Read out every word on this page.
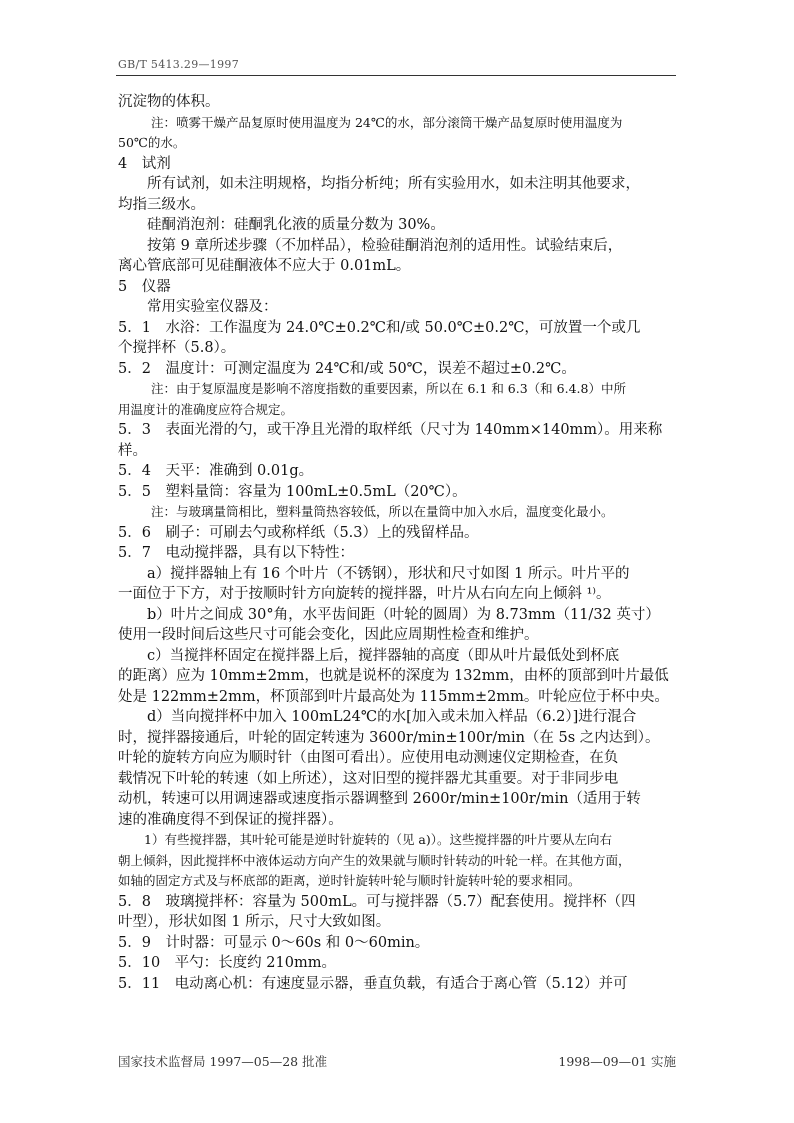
GB/T 5413.29—1997
沉淀物的体积。
注：喷雾干燥产品复原时使用温度为 24℃的水，部分滚筒干燥产品复原时使用温度为
50℃的水。
4　试剂
所有试剂，如未注明规格，均指分析纯；所有实验用水，如未注明其他要求，
均指三级水。
硅酮消泡剂：硅酮乳化液的质量分数为 30%。
按第 9 章所述步骤（不加样品），检验硅酮消泡剂的适用性。试验结束后，
离心管底部可见硅酮液体不应大于 0.01mL。
5　仪器
常用实验室仪器及：
5．1　水浴：工作温度为 24.0℃±0.2℃和/或 50.0℃±0.2℃，可放置一个或几
个搅拌杯（5.8）。
5．2　温度计：可测定温度为 24℃和/或 50℃，误差不超过±0.2℃。
注：由于复原温度是影响不溶度指数的重要因素，所以在 6.1 和 6.3（和 6.4.8）中所
用温度计的准确度应符合规定。
5．3　表面光滑的勺，或干净且光滑的取样纸（尺寸为 140mm×140mm）。用来称
样。
5．4　天平：准确到 0.01g。
5．5　塑料量筒：容量为 100mL±0.5mL（20℃）。
注：与玻璃量筒相比，塑料量筒热容较低，所以在量筒中加入水后，温度变化最小。
5．6　刷子：可刷去勺或称样纸（5.3）上的残留样品。
5．7　电动搅拌器，具有以下特性：
a）搅拌器轴上有 16 个叶片（不锈钢），形状和尺寸如图 1 所示。叶片平的
一面位于下方，对于按顺时针方向旋转的搅拌器，叶片从右向左向上倾斜 ¹⁾。
b）叶片之间成 30°角，水平齿间距（叶轮的圆周）为 8.73mm（11/32 英寸）
使用一段时间后这些尺寸可能会变化，因此应周期性检查和维护。
c）当搅拌杯固定在搅拌器上后，搅拌器轴的高度（即从叶片最低处到杯底
的距离）应为 10mm±2mm，也就是说杯的深度为 132mm，由杯的顶部到叶片最低
处是 122mm±2mm，杯顶部到叶片最高处为 115mm±2mm。叶轮应位于杯中央。
d）当向搅拌杯中加入 100mL24℃的水[加入或未加入样品（6.2）]进行混合
时，搅拌器接通后，叶轮的固定转速为 3600r/min±100r/min（在 5s 之内达到）。
叶轮的旋转方向应为顺时针（由图可看出）。应使用电动测速仪定期检查，在负
载情况下叶轮的转速（如上所述），这对旧型的搅拌器尤其重要。对于非同步电
动机，转速可以用调速器或速度指示器调整到 2600r/min±100r/min（适用于转
速的准确度得不到保证的搅拌器）。
1）有些搅拌器，其叶轮可能是逆时针旋转的（见 a)）。这些搅拌器的叶片要从左向右
朝上倾斜，因此搅拌杯中液体运动方向产生的效果就与顺时针转动的叶轮一样。在其他方面，
如轴的固定方式及与杯底部的距离，逆时针旋转叶轮与顺时针旋转叶轮的要求相同。
5．8　玻璃搅拌杯：容量为 500mL。可与搅拌器（5.7）配套使用。搅拌杯（四
叶型），形状如图 1 所示，尺寸大致如图。
5．9　计时器：可显示 0～60s 和 0～60min。
5．10　平勺：长度约 210mm。
5．11　电动离心机：有速度显示器，垂直负载，有适合于离心管（5.12）并可
国家技术监督局 1997—05—28 批准	1998—09—01 实施
